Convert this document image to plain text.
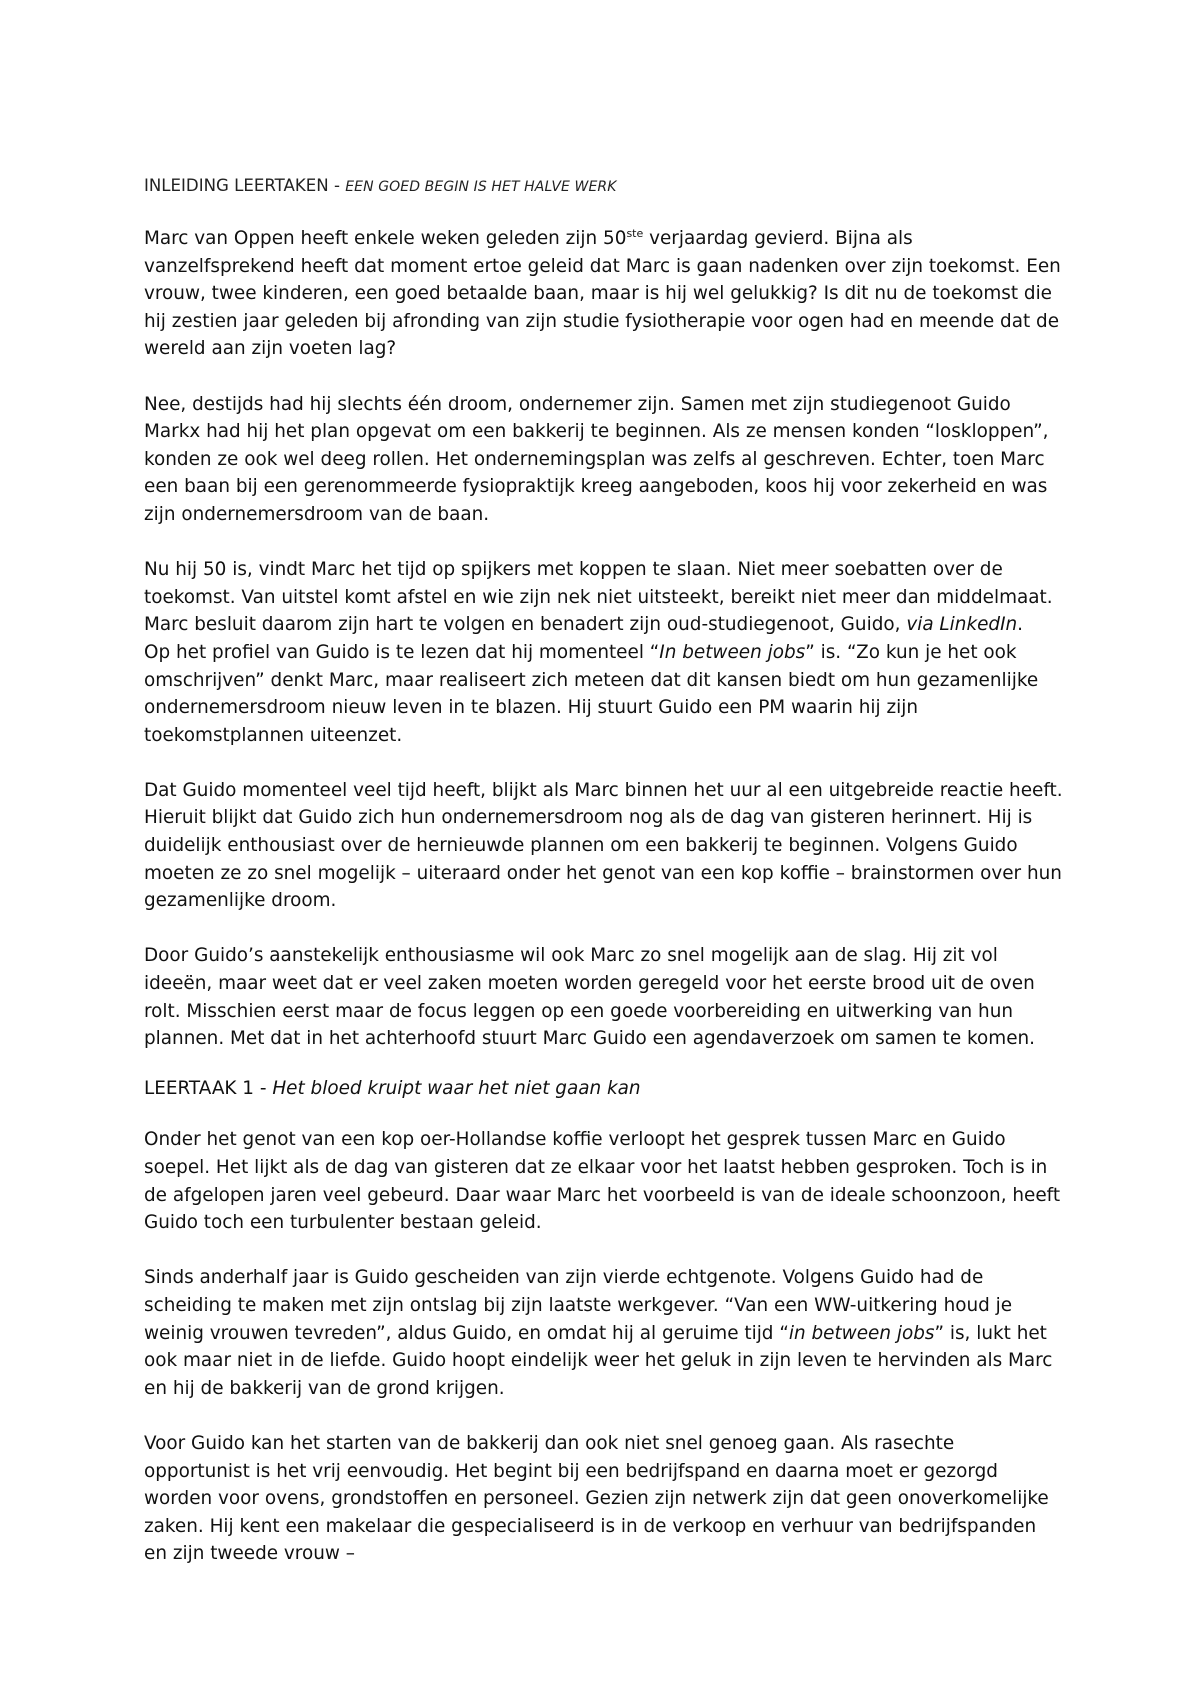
INLEIDING LEERTAKEN - EEN GOED BEGIN IS HET HALVE WERK

Marc van Oppen heeft enkele weken geleden zijn 50ste verjaardag gevierd. Bijna als vanzelfsprekend heeft dat moment ertoe geleid dat Marc is gaan nadenken over zijn toekomst. Een vrouw, twee kinderen, een goed betaalde baan, maar is hij wel gelukkig? Is dit nu de toekomst die hij zestien jaar geleden bij afronding van zijn studie fysiotherapie voor ogen had en meende dat de wereld aan zijn voeten lag?

Nee, destijds had hij slechts één droom, ondernemer zijn. Samen met zijn studiegenoot Guido Markx had hij het plan opgevat om een bakkerij te beginnen. Als ze mensen konden “loskloppen”, konden ze ook wel deeg rollen. Het ondernemingsplan was zelfs al geschreven. Echter, toen Marc een baan bij een gerenommeerde fysiopraktijk kreeg aangeboden, koos hij voor zekerheid en was zijn ondernemersdroom van de baan.

Nu hij 50 is, vindt Marc het tijd op spijkers met koppen te slaan. Niet meer soebatten over de toekomst. Van uitstel komt afstel en wie zijn nek niet uitsteekt, bereikt niet meer dan middelmaat. Marc besluit daarom zijn hart te volgen en benadert zijn oud-studiegenoot, Guido, via LinkedIn.
Op het profiel van Guido is te lezen dat hij momenteel “In between jobs” is. “Zo kun je het ook omschrijven” denkt Marc, maar realiseert zich meteen dat dit kansen biedt om hun gezamenlijke ondernemersdroom nieuw leven in te blazen. Hij stuurt Guido een PM waarin hij zijn toekomstplannen uiteenzet.

Dat Guido momenteel veel tijd heeft, blijkt als Marc binnen het uur al een uitgebreide reactie heeft. Hieruit blijkt dat Guido zich hun ondernemersdroom nog als de dag van gisteren herinnert. Hij is duidelijk enthousiast over de hernieuwde plannen om een bakkerij te beginnen. Volgens Guido moeten ze zo snel mogelijk – uiteraard onder het genot van een kop koffie – brainstormen over hun gezamenlijke droom.

Door Guido’s aanstekelijk enthousiasme wil ook Marc zo snel mogelijk aan de slag. Hij zit vol ideeën, maar weet dat er veel zaken moeten worden geregeld voor het eerste brood uit de oven rolt. Misschien eerst maar de focus leggen op een goede voorbereiding en uitwerking van hun plannen. Met dat in het achterhoofd stuurt Marc Guido een agendaverzoek om samen te komen.

LEERTAAK 1 - Het bloed kruipt waar het niet gaan kan

Onder het genot van een kop oer-Hollandse koffie verloopt het gesprek tussen Marc en Guido soepel. Het lijkt als de dag van gisteren dat ze elkaar voor het laatst hebben gesproken. Toch is in de afgelopen jaren veel gebeurd. Daar waar Marc het voorbeeld is van de ideale schoonzoon, heeft Guido toch een turbulenter bestaan geleid.

Sinds anderhalf jaar is Guido gescheiden van zijn vierde echtgenote. Volgens Guido had de scheiding te maken met zijn ontslag bij zijn laatste werkgever. “Van een WW-uitkering houd je weinig vrouwen tevreden”, aldus Guido, en omdat hij al geruime tijd “in between jobs” is, lukt het ook maar niet in de liefde. Guido hoopt eindelijk weer het geluk in zijn leven te hervinden als Marc en hij de bakkerij van de grond krijgen.

Voor Guido kan het starten van de bakkerij dan ook niet snel genoeg gaan. Als rasechte opportunist is het vrij eenvoudig. Het begint bij een bedrijfspand en daarna moet er gezorgd worden voor ovens, grondstoffen en personeel. Gezien zijn netwerk zijn dat geen onoverkomelijke zaken. Hij kent een makelaar die gespecialiseerd is in de verkoop en verhuur van bedrijfspanden en zijn tweede vrouw –
